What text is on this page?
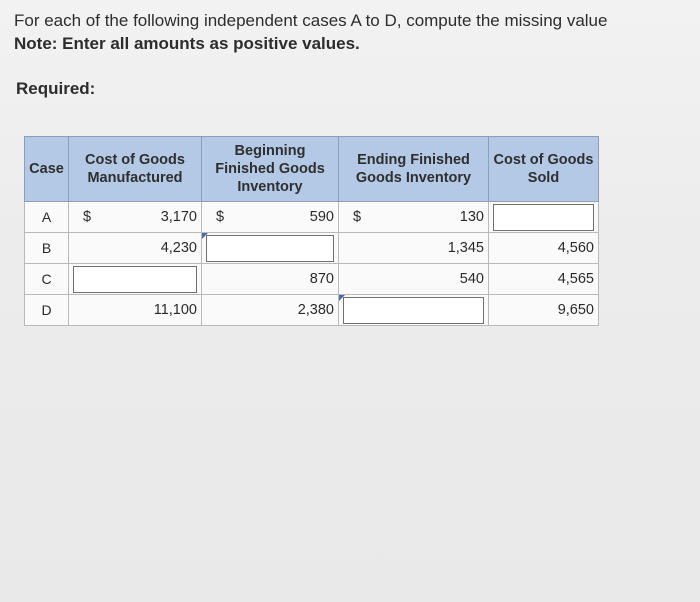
For each of the following independent cases A to D, compute the missing value
Note: Enter all amounts as positive values.
Required:
Case	Cost of Goods Manufactured	Beginning Finished Goods Inventory	Ending Finished Goods Inventory	Cost of Goods Sold
A	$ 3,170	$ 590	$ 130	

B	4,230		1,345	4,560

C		870	540	4,565

D	11,100	2,380		9,650
